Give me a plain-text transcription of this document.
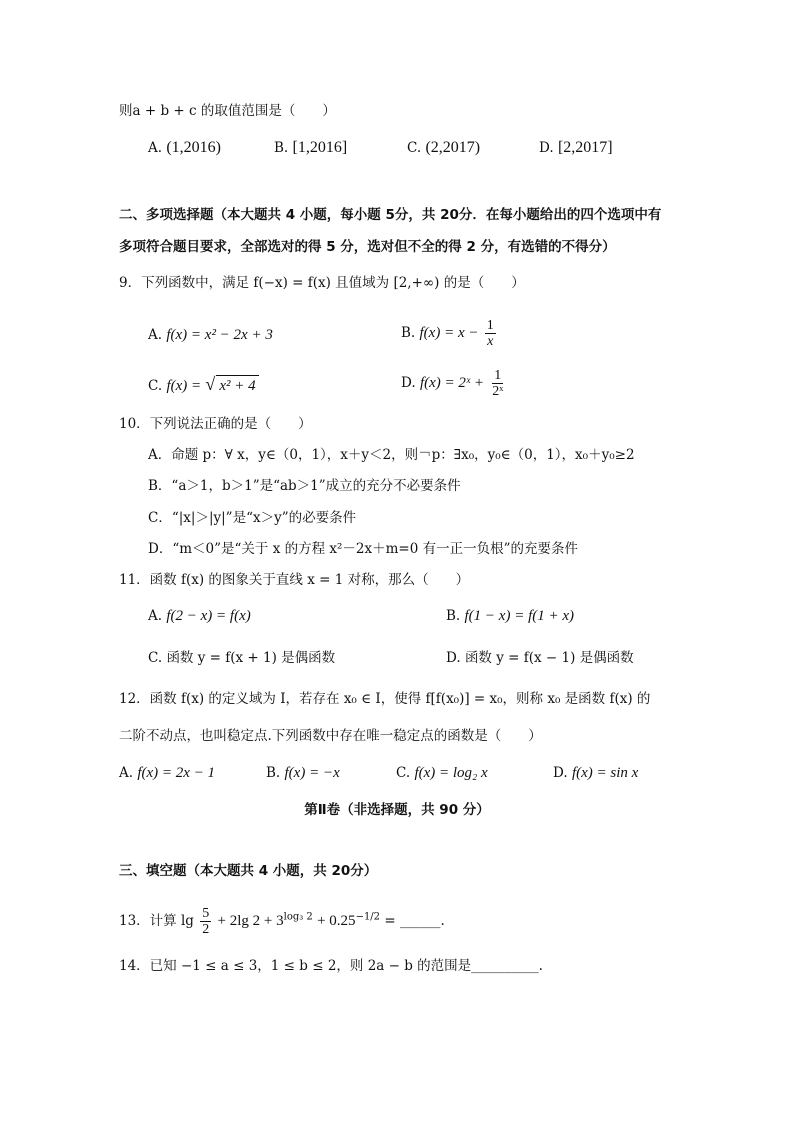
则a + b + c 的取值范围是（　　）
A. (1,2016)	B. [1,2016]	C. (2,2017)	D. [2,2017]
二、多项选择题（本大题共 4 小题，每小题 5分，共 20分．在每小题给出的四个选项中有
多项符合题目要求，全部选对的得 5 分，选对但不全的得 2 分，有选错的不得分）
9．下列函数中，满足 f(−x) = f(x) 且值域为 [2,+∞) 的是（　　）
A. f(x) = x² − 2x + 3	B. $f(x) = x - \frac{1}{x}$
C. f(x) = √ x² + 4	D. f(x) = 2ˣ + $\frac{1}{\text{2ˣ}}$
10．下列说法正确的是（　　）
A．命题 p：∀ x，y∈（0，1），x＋y＜2，则￢p：∃x₀，y₀∈（0，1），x₀＋y₀≥2
B．“a＞1，b＞1”是“ab＞1”成立的充分不必要条件
C．“|x|＞|y|”是“x＞y”的必要条件
D．“m＜0”是“关于 x 的方程 x²－2x＋m=0 有一正一负根”的充要条件
11．函数 f(x) 的图象关于直线 x = 1 对称，那么（　　）
A. f(2 − x) = f(x)	B. f(1 − x) = f(1 + x)
C. 函数 y = f(x + 1) 是偶函数	D. 函数 y = f(x − 1) 是偶函数
12．函数 f(x) 的定义域为 I，若存在 x₀ ∈ I，使得 f[f(x₀)] = x₀，则称 x₀ 是函数 f(x) 的
二阶不动点，也叫稳定点.下列函数中存在唯一稳定点的函数是（　　）
A. f(x) = 2x − 1	B. f(x) = −x	C. f(x) = log₂ x	D. f(x) = sin x
第Ⅱ卷（非选择题，共 90 分）
三、填空题（本大题共 4 小题，共 20分）
13．计算 $\lg \frac{5}{2} + 2\lg$ $2 + 3^{log_3 2} + 0.25^{-1/2}$ = ______.
14．已知 −1 ≤ a ≤ 3，1 ≤ b ≤ 2，则 2a − b 的范围是__________.
